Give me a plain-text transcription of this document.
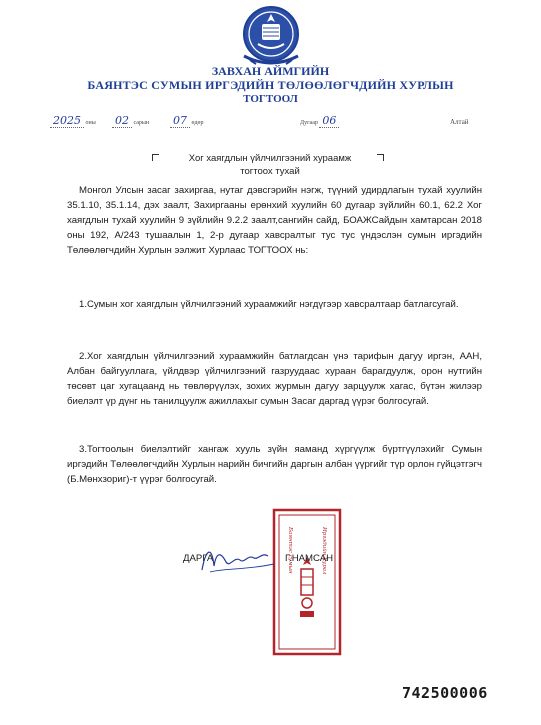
ЗАВХАН АЙМГИЙН
БАЯНТЭС СУМЫН ИРГЭДИЙН ТӨЛӨӨЛӨГЧДИЙН ХУРЛЫН
ТОГТООЛ
2025 оны 02 сарын 07 өдөр	Дугаар 06	Алтай
Хог хаягдлын үйлчилгээний хураамж
тогтоох тухай
Монгол Улсын засаг захиргаа, нутаг дэвсгэрийн нэгж, түүний удирдлагын тухай хуулийн 35.1.10, 35.1.14, дэх заалт, Захиргааны ерөнхий хуулийн 60 дугаар зүйлийн 60.1, 62.2 Хог хаягдлын тухай хуулийн 9 зүйлийн 9.2.2 заалт,сангийн сайд, БОАЖСайдын хамтарсан 2018 оны 192, А/243 тушаалын 1, 2-р дугаар хавсралтыг тус тус үндэслэн сумын иргэдийн Төлөөлөгчдийн Хурлын ээлжит Хурлаас ТОГТООХ нь:
1.Сумын хог хаягдлын үйлчилгээний хураамжийг нэгдүгээр хавсралтаар батлагсугай.
2.Хог хаягдлын үйлчилгээний хураамжийн батлагдсан үнэ тарифын дагуу иргэн, ААН, Албан байгууллага, үйлдвэр үйлчилгээний газруудаас хураан барагдуулж, орон нутгийн төсөвт цаг хугацаанд нь төвлөрүүлэх, зохих журмын дагуу зарцуулж хагас, бүтэн жилээр биелэлт үр дүнг нь танилцуулж ажиллахыг сумын Засаг даргад үүрэг болгосугай.
3.Тогтоолын биелэлтийг хангаж хууль зүйн яаманд хүргүүлж бүртгүүлэхийг Сумын иргэдийн Төлөөлөгчдийн Хурлын нарийн бичгийн даргын албан үүргийг түр орлон гүйцэтгэгч (Б.Мөнхзориг)-т үүрэг болгосугай.
Баянтэс сумын	Иргэдийн Хурал
ДАРГА	Г.НАМСАН
742500006
